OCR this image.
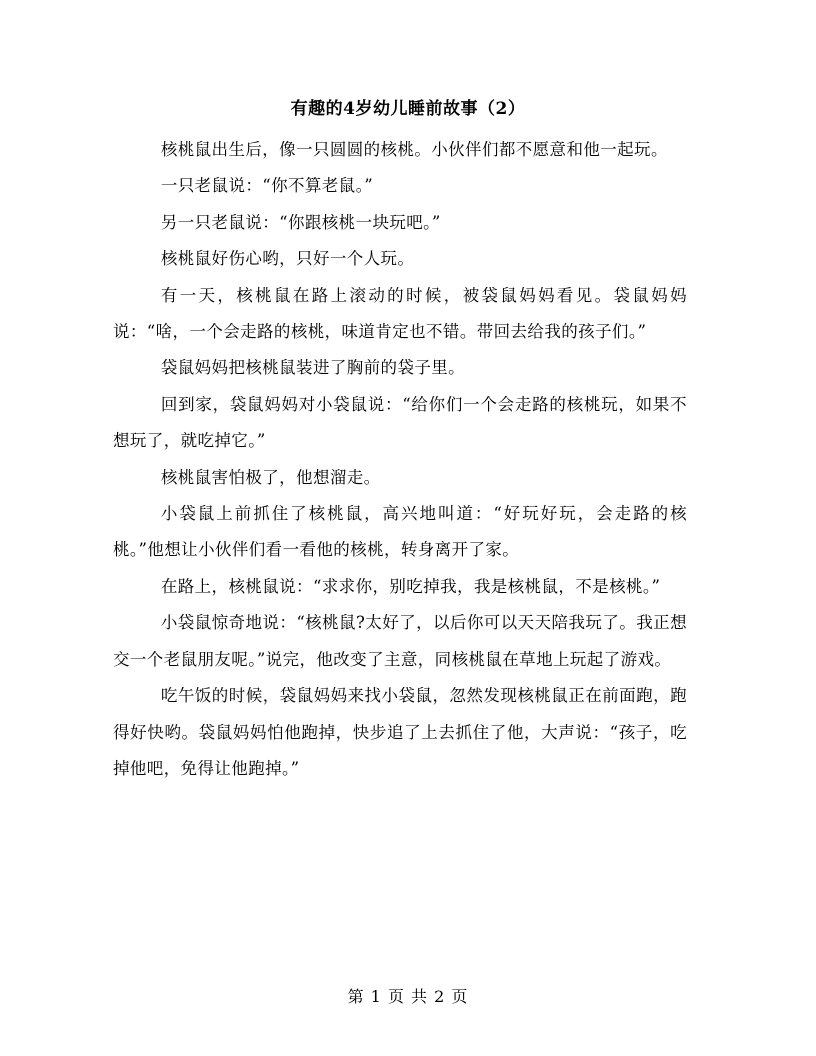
有趣的4岁幼儿睡前故事（2）

核桃鼠出生后，像一只圆圆的核桃。小伙伴们都不愿意和他一起玩。

一只老鼠说：“你不算老鼠。”

另一只老鼠说：“你跟核桃一块玩吧。”

核桃鼠好伤心哟，只好一个人玩。

有一天，核桃鼠在路上滚动的时候，被袋鼠妈妈看见。袋鼠妈妈说：“啥，一个会走路的核桃，味道肯定也不错。带回去给我的孩子们。”

袋鼠妈妈把核桃鼠装进了胸前的袋子里。

回到家，袋鼠妈妈对小袋鼠说：“给你们一个会走路的核桃玩，如果不想玩了，就吃掉它。”

核桃鼠害怕极了，他想溜走。

小袋鼠上前抓住了核桃鼠，高兴地叫道：“好玩好玩，会走路的核桃。”他想让小伙伴们看一看他的核桃，转身离开了家。

在路上，核桃鼠说：“求求你，别吃掉我，我是核桃鼠，不是核桃。”

小袋鼠惊奇地说：“核桃鼠?太好了，以后你可以天天陪我玩了。我正想交一个老鼠朋友呢。”说完，他改变了主意，同核桃鼠在草地上玩起了游戏。

吃午饭的时候，袋鼠妈妈来找小袋鼠，忽然发现核桃鼠正在前面跑，跑得好快哟。袋鼠妈妈怕他跑掉，快步追了上去抓住了他，大声说：“孩子，吃掉他吧，免得让他跑掉。”

第 1 页 共 2 页
